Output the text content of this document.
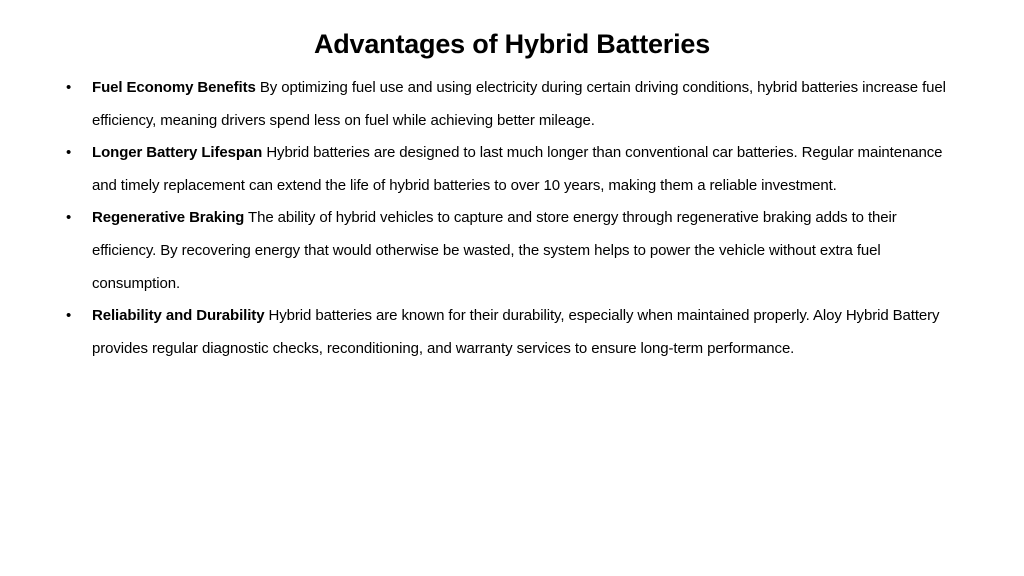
Advantages of Hybrid Batteries
•	Fuel Economy Benefits By optimizing fuel use and using electricity during certain driving conditions, hybrid batteries increase fuel efficiency, meaning drivers spend less on fuel while achieving better mileage.
•	Longer Battery Lifespan Hybrid batteries are designed to last much longer than conventional car batteries. Regular maintenance and timely replacement can extend the life of hybrid batteries to over 10 years, making them a reliable investment.
•	Regenerative Braking The ability of hybrid vehicles to capture and store energy through regenerative braking adds to their efficiency. By recovering energy that would otherwise be wasted, the system helps to power the vehicle without extra fuel consumption.
•	Reliability and Durability Hybrid batteries are known for their durability, especially when maintained properly. Aloy Hybrid Battery provides regular diagnostic checks, reconditioning, and warranty services to ensure long-term performance.
